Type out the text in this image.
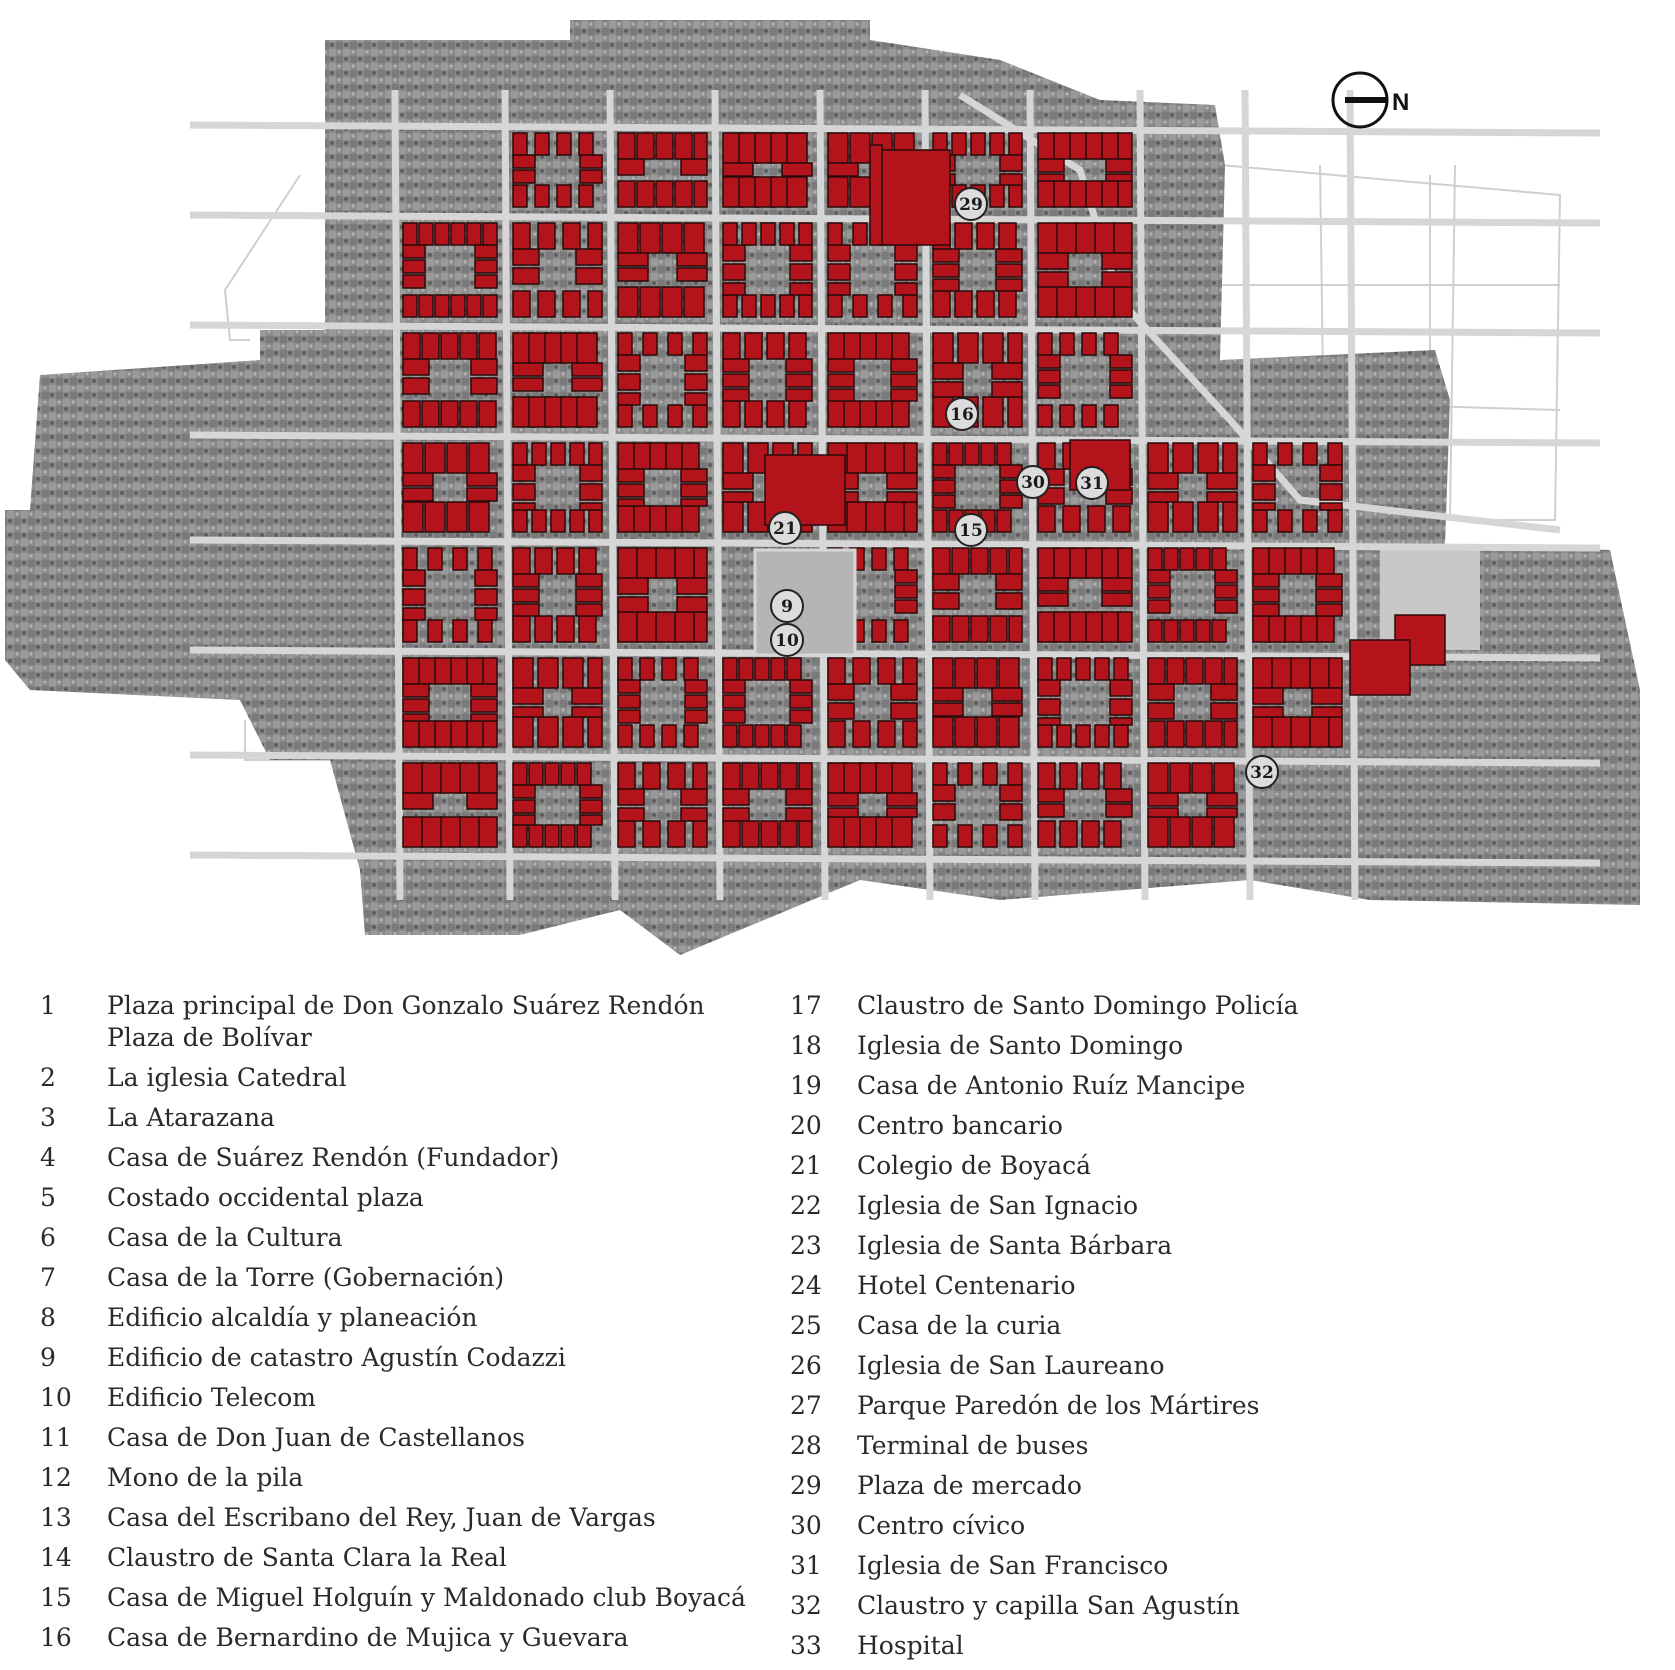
N
29
16
30 31
21	15
9
10
32
1	Plaza principal de Don Gonzalo Suárez Rendón
Plaza de Bolívar
2	La iglesia Catedral
3	La Atarazana
4	Casa de Suárez Rendón (Fundador)
5	Costado occidental plaza
6	Casa de la Cultura
7	Casa de la Torre (Gobernación)
8	Edificio alcaldía y planeación
9	Edificio de catastro Agustín Codazzi
10	Edificio Telecom
11	Casa de Don Juan de Castellanos
12	Mono de la pila
13	Casa del Escribano del Rey, Juan de Vargas
14	Claustro de Santa Clara la Real
15	Casa de Miguel Holguín y Maldonado club Boyacá
16	Casa de Bernardino de Mujica y Guevara
17	Claustro de Santo Domingo Policía
18	Iglesia de Santo Domingo
19	Casa de Antonio Ruíz Mancipe
20	Centro bancario
21	Colegio de Boyacá
22	Iglesia de San Ignacio
23	Iglesia de Santa Bárbara
24	Hotel Centenario
25	Casa de la curia
26	Iglesia de San Laureano
27	Parque Paredón de los Mártires
28	Terminal de buses
29	Plaza de mercado
30	Centro cívico
31	Iglesia de San Francisco
32	Claustro y capilla San Agustín
33	Hospital
